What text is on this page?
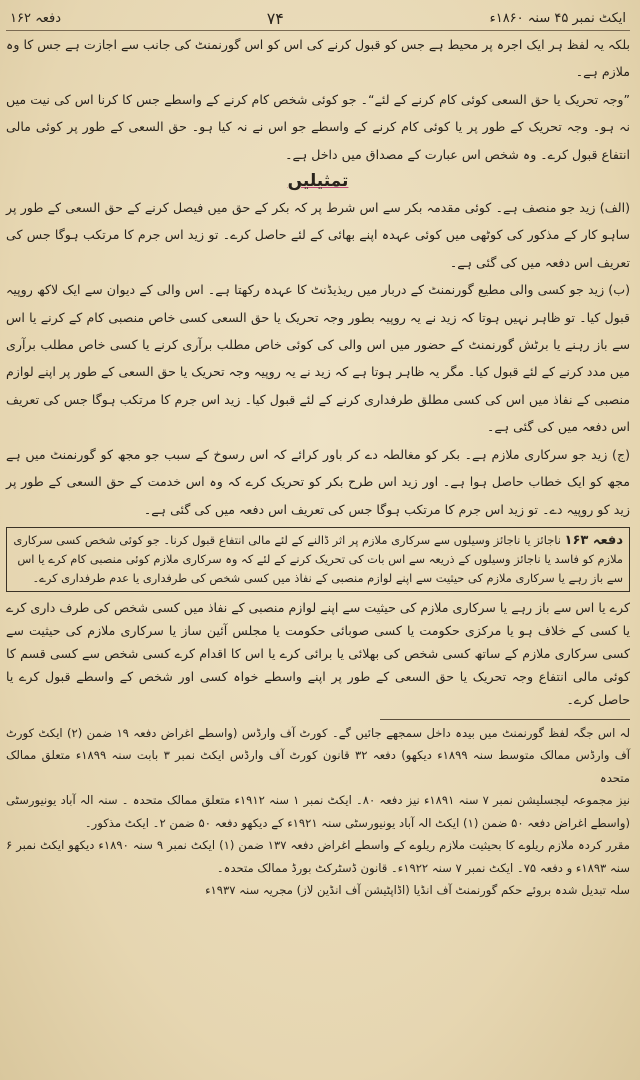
ایکٹ نمبر ۴۵ سنہ ۱۸۶۰ء
۷۴
دفعہ ۱۶۲

بلکہ یہ لفظ ہر ایک اجرہ پر محیط ہے جس کو قبول کرنے کی اس کو اس گورنمنٹ کی جانب سے اجازت ہے جس کا وہ ملازم ہے۔

”وجہ تحریک یا حق السعی کوئی کام کرنے کے لئے“۔ جو کوئی شخص کام کرنے کے واسطے جس کا کرنا اس کی نیت میں نہ ہو۔ وجہ تحریک کے طور پر یا کوئی کام کرنے کے واسطے جو اس نے نہ کیا ہو۔ حق السعی کے طور پر کوئی مالی انتفاع قبول کرے۔ وہ شخص اس عبارت کے مصداق میں داخل ہے۔

تمثیلیں

(الف) زید جو منصف ہے۔ کوئی مقدمہ بکر سے اس شرط پر کہ بکر کے حق میں فیصل کرنے کے حق السعی کے طور پر ساہو کار کے مذکور کی کوٹھی میں کوئی عہدہ اپنے بھائی کے لئے حاصل کرے۔ تو زید اس جرم کا مرتکب ہوگا جس کی تعریف اس دفعہ میں کی گئی ہے۔

(ب) زید جو کسی والی مطیع گورنمنٹ کے دربار میں ریذیڈنٹ کا عہدہ رکھتا ہے۔ اس والی کے دیوان سے ایک لاکھ روپیہ قبول کیا۔ تو ظاہر نہیں ہوتا کہ زید نے یہ روپیہ بطور وجہ تحریک یا حق السعی کسی خاص منصبی کام کے کرنے یا اس سے باز رہنے یا برٹش گورنمنٹ کے حضور میں اس والی کی کوئی خاص مطلب برآری کرنے یا کسی خاص مطلب برآری میں مدد کرنے کے لئے قبول کیا۔ مگر یہ ظاہر ہوتا ہے کہ زید نے یہ روپیہ وجہ تحریک یا حق السعی کے طور پر اپنے لوازم منصبی کے نفاذ میں اس کی کسی مطلق طرفداری کرنے کے لئے قبول کیا۔ زید اس جرم کا مرتکب ہوگا جس کی تعریف اس دفعہ میں کی گئی ہے۔

(ج) زید جو سرکاری ملازم ہے۔ بکر کو مغالطہ دے کر باور کرائے کہ اس رسوخ کے سبب جو مجھ کو گورنمنٹ میں ہے مجھ کو ایک خطاب حاصل ہوا ہے۔ اور زید اس طرح بکر کو تحریک کرے کہ وہ اس خدمت کے حق السعی کے طور پر زید کو روپیہ دے۔ تو زید اس جرم کا مرتکب ہوگا جس کی تعریف اس دفعہ میں کی گئی ہے۔

دفعہ ۱۶۳ ناجائز یا ناجائز وسیلوں سے سرکاری ملازم پر اثر ڈالنے کے لئے مالی انتفاع قبول کرنا۔ جو کوئی شخص کسی سرکاری ملازم کو فاسد یا ناجائز وسیلوں کے ذریعہ سے اس بات کی تحریک کرنے کے لئے کہ وہ سرکاری ملازم کوئی منصبی کام کرے یا اس سے باز رہے یا سرکاری ملازم کی حیثیت سے اپنے لوازم منصبی کے نفاذ میں کسی شخص کی طرفداری یا عدم طرفداری کرے۔

کرے یا اس سے باز رہے یا سرکاری ملازم کی حیثیت سے اپنے لوازم منصبی کے نفاذ میں کسی شخص کی طرف داری کرے یا کسی کے خلاف ہو یا مرکزی حکومت یا کسی صوبائی حکومت یا مجلس آئین ساز یا سرکاری ملازم کی حیثیت سے کسی سرکاری ملازم کے ساتھ کسی شخص کی بھلائی یا برائی کرے یا اس کا اقدام کرے کسی شخص سے کسی قسم کا کوئی مالی انتفاع وجہ تحریک یا حق السعی کے طور پر اپنے واسطے خواہ کسی اور شخص کے واسطے قبول کرے یا حاصل کرے۔

لہ اس جگہ لفظ گورنمنٹ میں بیدہ داخل سمجھے جائیں گے۔ کورٹ آف وارڈس (واسطے اغراض دفعہ ۱۹ ضمن (۲) ایکٹ کورٹ آف وارڈس ممالک متوسط سنہ ۱۸۹۹ء دیکھو) دفعہ ۳۲ قانون کورٹ آف وارڈس ایکٹ نمبر ۳ بابت سنہ ۱۸۹۹ء متعلق ممالک متحدہ

نیز مجموعہ لیجسلیشن نمبر ۷ سنہ ۱۸۹۱ء نیز دفعہ ۸۰۔ ایکٹ نمبر ۱ سنہ ۱۹۱۲ء متعلق ممالک متحدہ ۔ سنہ الہ آباد یونیورسٹی (واسطے اغراض دفعہ ۵۰ ضمن (۱) ایکٹ الہ آباد یونیورسٹی سنہ ۱۹۲۱ء کے دیکھو دفعہ ۵۰ ضمن ۲۔ ایکٹ مذکور۔

مقرر کردہ ملازم ریلوے کا بحیثیت ملازم ریلوے کے واسطے اغراض دفعہ ۱۳۷ ضمن (۱) ایکٹ نمبر ۹ سنہ ۱۸۹۰ء دیکھو ایکٹ نمبر ۶ سنہ ۱۸۹۳ء و دفعہ ۷۵۔ ایکٹ نمبر ۷ سنہ ۱۹۲۲ء۔ قانون ڈسٹرکٹ بورڈ ممالک متحدہ۔

سلہ تبدیل شدہ بروئے حکم گورنمنٹ آف انڈیا (اڈاپٹیشن آف انڈین لاز) مجریہ سنہ ۱۹۳۷ء
